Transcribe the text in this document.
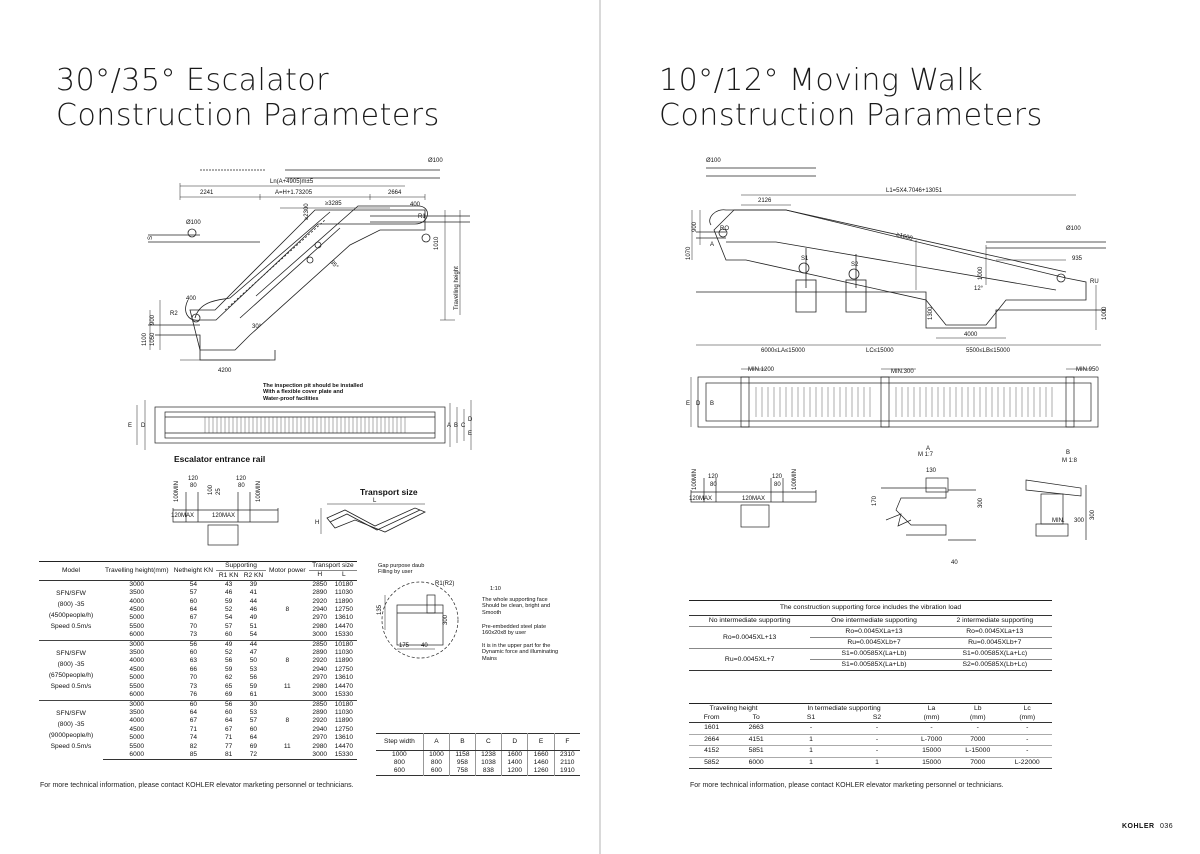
30°/35° Escalator
Construction Parameters
Ø100
Ln(A+4905)m±5
A=H+1.73205
2241	2664
≥3285
Ø100
400
≥2300	R1
1010
S
Travelling height
R2
900
1100 1050
4200
35°
30°
400
The inspection pit should be installed
With a flexible cover plate and
Water-proof facilities
E D	A B C
D
E
Escalator entrance rail
120
80
120
80
100MIN	100MIN
100 25
120MAX	120MAX
Transport size
L
H
Model	Travelling height(mm)	Netheight KN	Supporting		Motor power	Transport size	
			R1 KN	R2 KN		H	L

SFN/SFW
(800) -35
(4500people/h)
Speed 0.5m/s	3000	54	43	39		2850	10180
	3500	57	46	41		2890	11030
	4000	60	59	44		2920	11890
	4500	64	52	46	8	2940	12750
	5000	67	54	49		2970	13610
	5500	70	57	51		2980	14470
	6000	73	60	54		3000	15330

SFN/SFW
(800) -35
(6750people/h)
Speed 0.5m/s	3000	56	49	44		2850	10180
	3500	60	52	47		2890	11030
	4000	63	56	50	8	2920	11890
	4500	66	59	53		2940	12750
	5000	70	62	56		2970	13610
	5500	73	65	59	11	2980	14470
	6000	76	69	61		3000	15330

SFN/SFW
(800) -35
(9000people/h)
Speed 0.5m/s	3000	60	56	30		2850	10180
	3500	64	60	53		2890	11030
	4000	67	64	57	8	2920	11890
	4500	71	67	60		2940	12750
	5000	74	71	64		2970	13610
	5500	82	77	69	11	2980	14470
	6000	85	81	72		3000	15330
Gap purpose daub
Filling by user
R1(R2)
135
300
175 40
1:10
The whole supporting face
Should be clean, bright and
Smooth
Pre-embedded steel plate
160x20x8 by user
It is in the upper part for the
Dynamic force and illuminating
Mains
Step width	A	B	C	D	E	F
1000	1000	1158	1238	1600	1660	2310
800	800	958	1038	1400	1460	2110
600	600	758	838	1200	1260	1910
For more technical information, please contact KOHLER elevator marketing personnel or technicians.
10°/12° Moving Walk
Construction Parameters
Ø100
L1=5X4.7046+13051
2126
900
1070
RO
A
≥1600
Ø100
S1
S2
935
RU
4000
1000
1300	1000
6000≤LA≤15000	LC≤15000	5500≤LB≤15000
12°
E D B
MIN.1200	MIN.300	MIN.950
120
80
120
80
100MIN	100MIN
120MAX	120MAX
A
M 1:7
130
170
40
300
B
M 1:8
MIN. 300
300
The construction supporting force includes the vibration load		
No intermediate supporting	One intermediate supporting	2 intermediate supporting
Ro=0.0045XL+13	Ro=0.0045XLa+13	Ro=0.0045XLa+13
	Ru=0.0045XLb+7	Ru=0.0045XLb+7
Ru=0.0045XL+7	S1=0.00585X(La+Lb)	S1=0.00585X(La+Lc)
	S1=0.00585X(La+Lb)	S2=0.00585X(Lb+Lc)
Traveling height		In termediate supporting		La	Lb	Lc
From	To	S1	S2	(mm)	(mm)	(mm)
1601	2663	-	-	-	-	-
2664	4151	1	-	L-7000	7000	-
4152	5851	1	-	15000	L-15000	-
5852	6000	1	1	15000	7000	L-22000
For more technical information, please contact KOHLER elevator marketing personnel or technicians.
KOHLER 036
